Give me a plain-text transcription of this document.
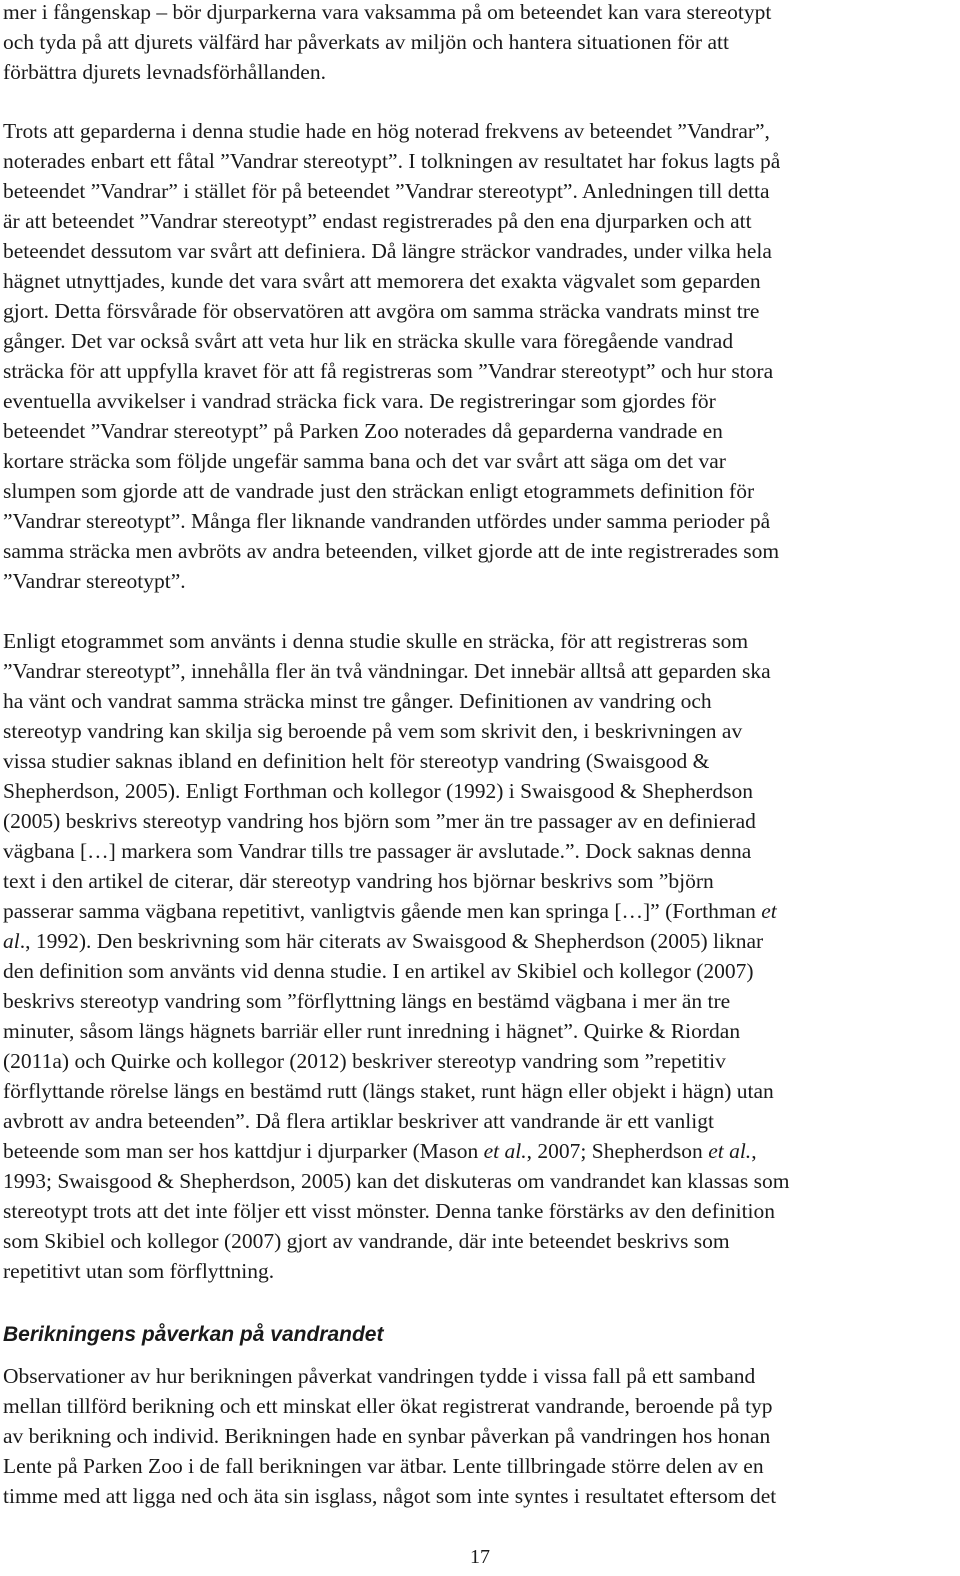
mer i fångenskap – bör djurparkerna vara vaksamma på om beteendet kan vara stereotypt
och tyda på att djurets välfärd har påverkats av miljön och hantera situationen för att
förbättra djurets levnadsförhållanden.

Trots att geparderna i denna studie hade en hög noterad frekvens av beteendet ”Vandrar”,
noterades enbart ett fåtal ”Vandrar stereotypt”. I tolkningen av resultatet har fokus lagts på
beteendet ”Vandrar” i stället för på beteendet ”Vandrar stereotypt”. Anledningen till detta
är att beteendet ”Vandrar stereotypt” endast registrerades på den ena djurparken och att
beteendet dessutom var svårt att definiera. Då längre sträckor vandrades, under vilka hela
hägnet utnyttjades, kunde det vara svårt att memorera det exakta vägvalet som geparden
gjort. Detta försvårade för observatören att avgöra om samma sträcka vandrats minst tre
gånger. Det var också svårt att veta hur lik en sträcka skulle vara föregående vandrad
sträcka för att uppfylla kravet för att få registreras som ”Vandrar stereotypt” och hur stora
eventuella avvikelser i vandrad sträcka fick vara. De registreringar som gjordes för
beteendet ”Vandrar stereotypt” på Parken Zoo noterades då geparderna vandrade en
kortare sträcka som följde ungefär samma bana och det var svårt att säga om det var
slumpen som gjorde att de vandrade just den sträckan enligt etogrammets definition för
”Vandrar stereotypt”. Många fler liknande vandranden utfördes under samma perioder på
samma sträcka men avbröts av andra beteenden, vilket gjorde att de inte registrerades som
”Vandrar stereotypt”.

Enligt etogrammet som använts i denna studie skulle en sträcka, för att registreras som
”Vandrar stereotypt”, innehålla fler än två vändningar. Det innebär alltså att geparden ska
ha vänt och vandrat samma sträcka minst tre gånger. Definitionen av vandring och
stereotyp vandring kan skilja sig beroende på vem som skrivit den, i beskrivningen av
vissa studier saknas ibland en definition helt för stereotyp vandring (Swaisgood &
Shepherdson, 2005). Enligt Forthman och kollegor (1992) i Swaisgood & Shepherdson
(2005) beskrivs stereotyp vandring hos björn som ”mer än tre passager av en definierad
vägbana […] markera som Vandrar tills tre passager är avslutade.”. Dock saknas denna
text i den artikel de citerar, där stereotyp vandring hos björnar beskrivs som ”björn
passerar samma vägbana repetitivt, vanligtvis gående men kan springa […]” (Forthman et
al., 1992). Den beskrivning som här citerats av Swaisgood & Shepherdson (2005) liknar
den definition som använts vid denna studie. I en artikel av Skibiel och kollegor (2007)
beskrivs stereotyp vandring som ”förflyttning längs en bestämd vägbana i mer än tre
minuter, såsom längs hägnets barriär eller runt inredning i hägnet”. Quirke & Riordan
(2011a) och Quirke och kollegor (2012) beskriver stereotyp vandring som ”repetitiv
förflyttande rörelse längs en bestämd rutt (längs staket, runt hägn eller objekt i hägn) utan
avbrott av andra beteenden”. Då flera artiklar beskriver att vandrande är ett vanligt
beteende som man ser hos kattdjur i djurparker (Mason et al., 2007; Shepherdson et al.,
1993; Swaisgood & Shepherdson, 2005) kan det diskuteras om vandrandet kan klassas som
stereotypt trots att det inte följer ett visst mönster. Denna tanke förstärks av den definition
som Skibiel och kollegor (2007) gjort av vandrande, där inte beteendet beskrivs som
repetitivt utan som förflyttning.

Berikningens påverkan på vandrandet

Observationer av hur berikningen påverkat vandringen tydde i vissa fall på ett samband
mellan tillförd berikning och ett minskat eller ökat registrerat vandrande, beroende på typ
av berikning och individ. Berikningen hade en synbar påverkan på vandringen hos honan
Lente på Parken Zoo i de fall berikningen var ätbar. Lente tillbringade större delen av en
timme med att ligga ned och äta sin isglass, något som inte syntes i resultatet eftersom det

17
